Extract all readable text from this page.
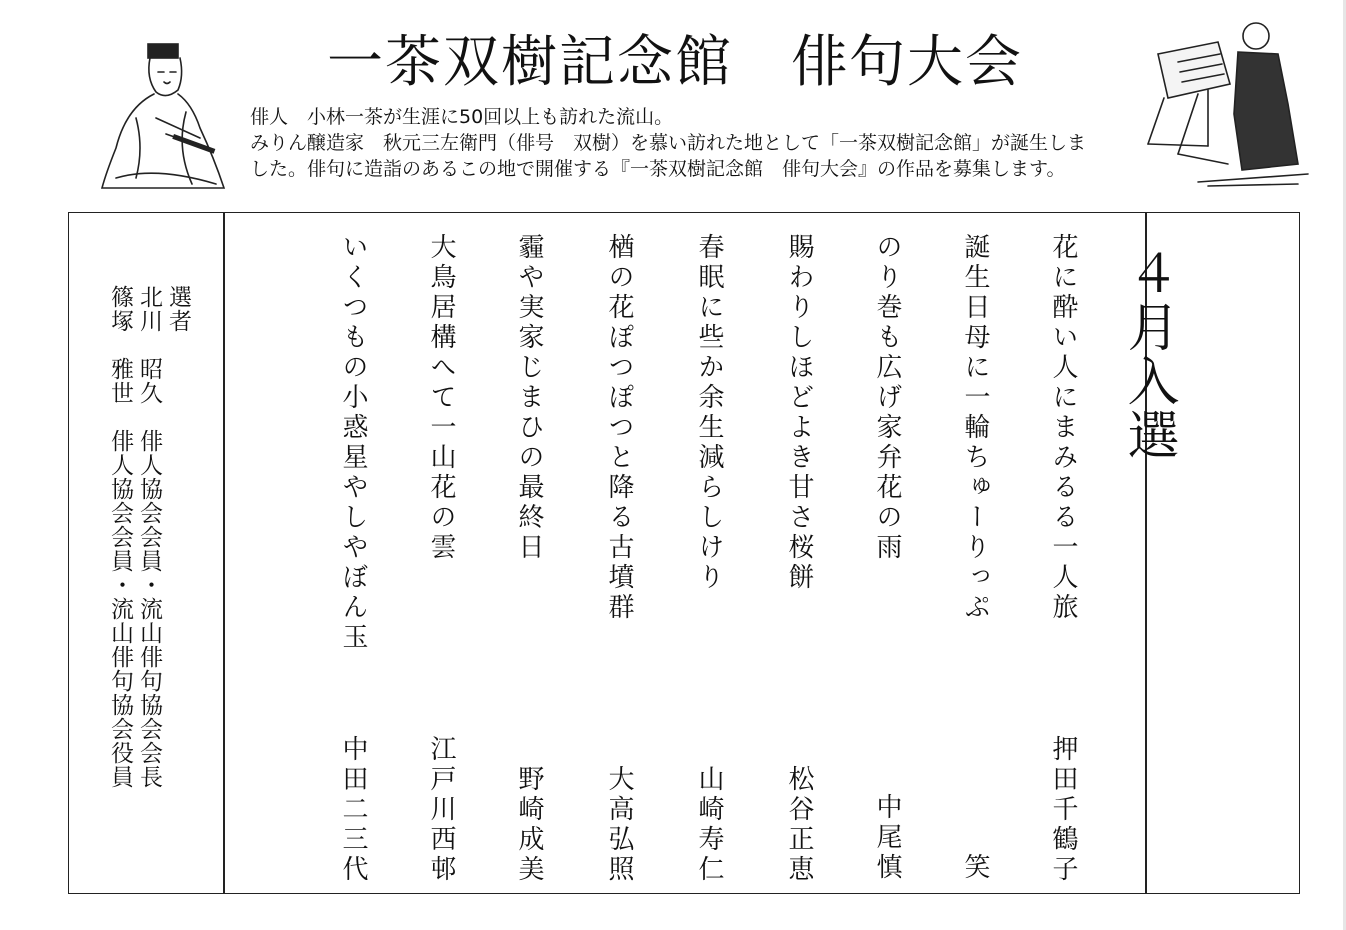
一茶双樹記念館　俳句大会
俳人　小林一茶が生涯に50回以上も訪れた流山。
みりん醸造家　秋元三左衛門（俳号　双樹）を慕い訪れた地として「一茶双樹記念館」が誕生しま
した。俳句に造詣のあるこの地で開催する『一茶双樹記念館　俳句大会』の作品を募集します。
選者
北川　昭久　俳人協会会員・流山俳句協会会長
篠塚　雅世　俳人協会会員・流山俳句協会役員	花に酔い人にまみるる一人旅
押田千鶴子
誕生日母に一輪ちゅーりっぷ
笑
のり巻も広げ家弁花の雨
中尾慎
賜わりしほどよき甘さ桜餅
松谷正恵
春眠に些か余生減らしけり
山崎寿仁
楢の花ぽつぽつと降る古墳群
大高弘照
霾や実家じまひの最終日
野崎成美
大鳥居構へて一山花の雲
江戸川西邨
いくつもの小惑星やしやぼん玉
中田二三代
４月入選
